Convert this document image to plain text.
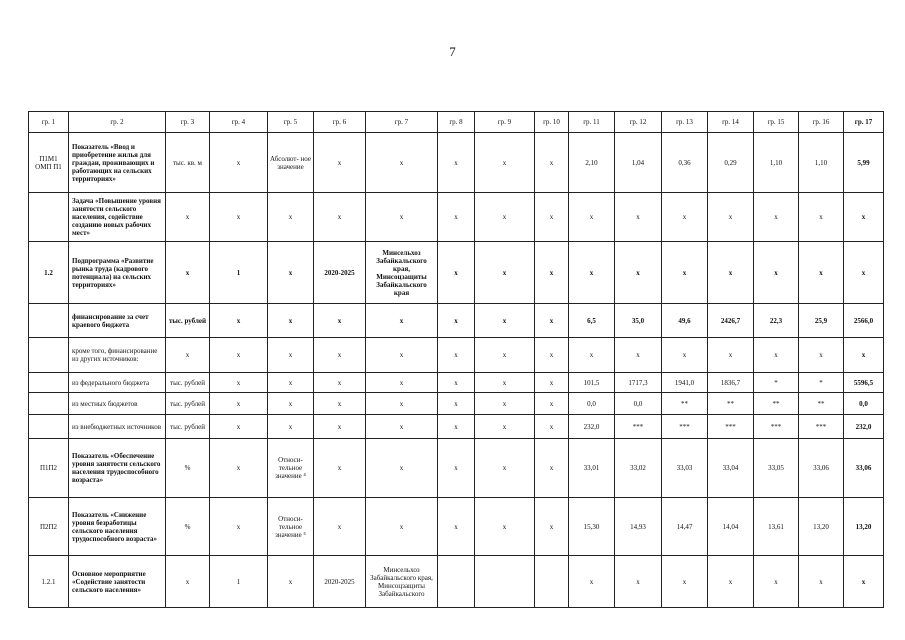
7
гр. 1	гр. 2	гр. 3	гр. 4	гр. 5	гр. 6	гр. 7	гр. 8	гр. 9	гр. 10	гр. 11	гр. 12	гр. 13	гр. 14	гр. 15	гр. 16	гр. 17
П1М1 ОМП П1	Показатель «Ввод и приобретение жилья для граждан, проживающих и работающих на сельских территориях»	тыс. кв. м	x	Абсолют- ное значение	x	x	x	x	x	2,10	1,04	0,36	0,29	1,10	1,10	5,99
	Задача «Повышение уровня занятости сельского населения, содействие созданию новых рабочих мест»	x	x	x	x	x	x	x	x	x	x	x	x	x	x	x
1.2	Подпрограмма «Развитие рынка труда (кадрового потенциала) на сельских территориях»	x	1	x	2020-2025	Минсельхоз Забайкальского края, Минсоцзащиты Забайкальского края	x	x	x	x	x	x	x	x	x	x
	финансирование за счет краевого бюджета	тыс. рублей	x	x	x	x	x	x	x	6,5	35,0	49,6	2426,7	22,3	25,9	2566,0
	кроме того, финансирование из других источников:	x	x	x	x	x	x	x	x	x	x	x	x	x	x	x
	из федерального бюджета	тыс. рублей	x	x	x	x	x	x	x	101,5	1717,3	1941,0	1836,7	*	*	5596,5
	из местных бюджетов	тыс. рублей	x	x	x	x	x	x	x	0,0	0,0	**	**	**	**	0,0
	из внебюджетных источников	тыс. рублей	x	x	x	x	x	x	x	232,0	***	***	***	***	***	232,0
П1П2	Показатель «Обеспечение уровня занятости сельского населения трудоспособного возраста»	%	x	Относи- тельное значение ⁴	x	x	x	x	x	33,01	33,02	33,03	33,04	33,05	33,06	33,06
П2П2	Показатель «Снижение уровня безработицы сельского населения трудоспособного возраста»	%	x	Относи- тельное значение ⁵	x	x	x	x	x	15,30	14,93	14,47	14,04	13,61	13,20	13,20
1.2.1	Основное мероприятие «Содействие занятости сельского населения»	x	1	x	2020-2025	Минсельхоз Забайкальского края, Минсоцзащиты Забайкальского				x	x	x	x	x	x	x
